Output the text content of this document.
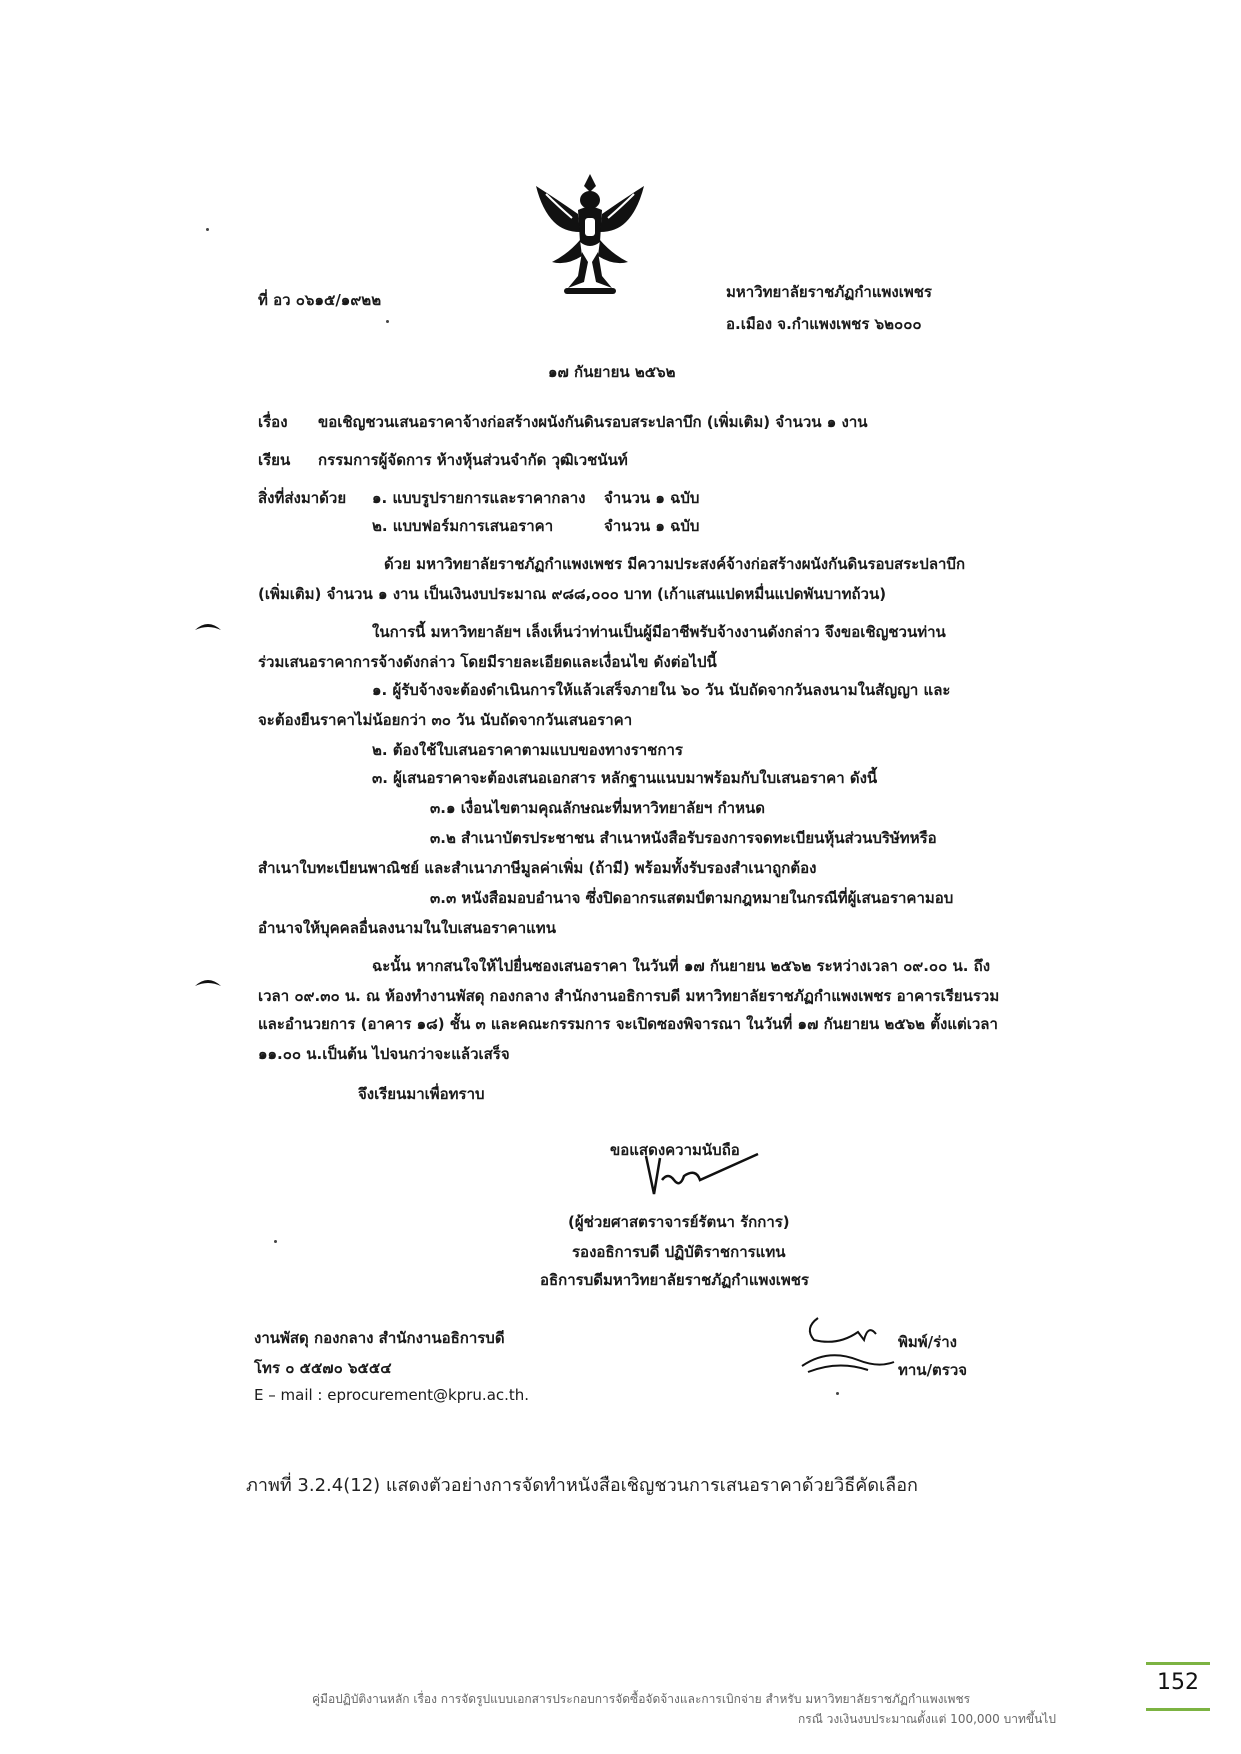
ที่ อว ๐๖๑๕/๑๙๒๒	มหาวิทยาลัยราชภัฏกำแพงเพชร
อ.เมือง จ.กำแพงเพชร ๖๒๐๐๐
๑๗ กันยายน ๒๕๖๒
เรื่อง ขอเชิญชวนเสนอราคาจ้างก่อสร้างผนังกันดินรอบสระปลาบึก (เพิ่มเติม) จำนวน ๑ งาน
เรียน กรรมการผู้จัดการ ห้างหุ้นส่วนจำกัด วุฒิเวชนันท์
สิ่งที่ส่งมาด้วย ๑. แบบรูปรายการและราคากลาง จำนวน ๑ ฉบับ
๒. แบบฟอร์มการเสนอราคา	จำนวน ๑ ฉบับ
ด้วย มหาวิทยาลัยราชภัฏกำแพงเพชร มีความประสงค์จ้างก่อสร้างผนังกันดินรอบสระปลาบึก
(เพิ่มเติม) จำนวน ๑ งาน เป็นเงินงบประมาณ ๙๘๘,๐๐๐ บาท (เก้าแสนแปดหมื่นแปดพันบาทถ้วน)
ในการนี้ มหาวิทยาลัยฯ เล็งเห็นว่าท่านเป็นผู้มีอาชีพรับจ้างงานดังกล่าว จึงขอเชิญชวนท่าน
ร่วมเสนอราคาการจ้างดังกล่าว โดยมีรายละเอียดและเงื่อนไข ดังต่อไปนี้
๑. ผู้รับจ้างจะต้องดำเนินการให้แล้วเสร็จภายใน ๖๐ วัน นับถัดจากวันลงนามในสัญญา และ
จะต้องยืนราคาไม่น้อยกว่า ๓๐ วัน นับถัดจากวันเสนอราคา
๒. ต้องใช้ใบเสนอราคาตามแบบของทางราชการ
๓. ผู้เสนอราคาจะต้องเสนอเอกสาร หลักฐานแนบมาพร้อมกับใบเสนอราคา ดังนี้
๓.๑ เงื่อนไขตามคุณลักษณะที่มหาวิทยาลัยฯ กำหนด
๓.๒ สำเนาบัตรประชาชน สำเนาหนังสือรับรองการจดทะเบียนหุ้นส่วนบริษัทหรือ
สำเนาใบทะเบียนพาณิชย์ และสำเนาภาษีมูลค่าเพิ่ม (ถ้ามี) พร้อมทั้งรับรองสำเนาถูกต้อง
๓.๓ หนังสือมอบอำนาจ ซึ่งปิดอากรแสตมป์ตามกฎหมายในกรณีที่ผู้เสนอราคามอบ
อำนาจให้บุคคลอื่นลงนามในใบเสนอราคาแทน
ฉะนั้น หากสนใจให้ไปยื่นซองเสนอราคา ในวันที่ ๑๗ กันยายน ๒๕๖๒ ระหว่างเวลา ๐๙.๐๐ น. ถึง
เวลา ๐๙.๓๐ น. ณ ห้องทำงานพัสดุ กองกลาง สำนักงานอธิการบดี มหาวิทยาลัยราชภัฏกำแพงเพชร อาคารเรียนรวม
และอำนวยการ (อาคาร ๑๘) ชั้น ๓ และคณะกรรมการ จะเปิดซองพิจารณา ในวันที่ ๑๗ กันยายน ๒๕๖๒ ตั้งแต่เวลา
๑๑.๐๐ น.เป็นต้น ไปจนกว่าจะแล้วเสร็จ
จึงเรียนมาเพื่อทราบ
ขอแสดงความนับถือ
(ผู้ช่วยศาสตราจารย์รัตนา รักการ)
รองอธิการบดี ปฏิบัติราชการแทน
อธิการบดีมหาวิทยาลัยราชภัฏกำแพงเพชร
งานพัสดุ กองกลาง สำนักงานอธิการบดี
โทร ๐ ๕๕๗๐ ๖๕๕๔
E – mail : eprocurement@kpru.ac.th.
พิมพ์/ร่าง
ทาน/ตรวจ
ภาพที่ 3.2.4(12) แสดงตัวอย่างการจัดทำหนังสือเชิญชวนการเสนอราคาด้วยวิธีคัดเลือก
คู่มือปฏิบัติงานหลัก เรื่อง การจัดรูปแบบเอกสารประกอบการจัดซื้อจัดจ้างและการเบิกจ่าย สำหรับ มหาวิทยาลัยราชภัฏกำแพงเพชร
กรณี วงเงินงบประมาณตั้งแต่ 100,000 บาทขึ้นไป
152
